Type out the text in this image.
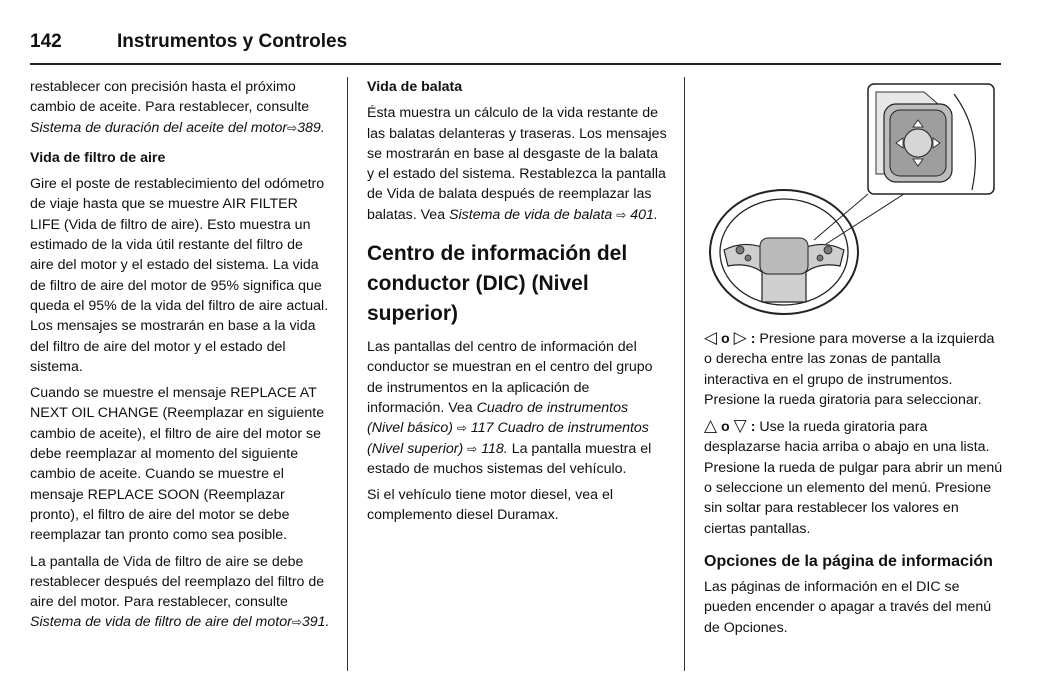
142	Instrumentos y Controles

restablecer con precisión hasta el próximo cambio de aceite. Para restablecer, consulte Sistema de duración del aceite del motor⇨389.

Vida de filtro de aire

Gire el poste de restablecimiento del odómetro de viaje hasta que se muestre AIR FILTER LIFE (Vida de filtro de aire). Esto muestra un estimado de la vida útil restante del filtro de aire del motor y el estado del sistema. La vida de filtro de aire del motor de 95% significa que queda el 95% de la vida del filtro de aire actual. Los mensajes se mostrarán en base a la vida del filtro de aire del motor y el estado del sistema.

Cuando se muestre el mensaje REPLACE AT NEXT OIL CHANGE (Reemplazar en siguiente cambio de aceite), el filtro de aire del motor se debe reemplazar al momento del siguiente cambio de aceite. Cuando se muestre el mensaje REPLACE SOON (Reemplazar pronto), el filtro de aire del motor se debe reemplazar tan pronto como sea posible.

La pantalla de Vida de filtro de aire se debe restablecer después del reemplazo del filtro de aire del motor. Para restablecer, consulte Sistema de vida de filtro de aire del motor⇨391.

Vida de balata

Ésta muestra un cálculo de la vida restante de las balatas delanteras y traseras. Los mensajes se mostrarán en base al desgaste de la balata y el estado del sistema. Restablezca la pantalla de Vida de balata después de reemplazar las balatas. Vea Sistema de vida de balata ⇨ 401.

Centro de información del conductor (DIC) (Nivel superior)

Las pantallas del centro de información del conductor se muestran en el centro del grupo de instrumentos en la aplicación de información. Vea Cuadro de instrumentos (Nivel básico) ⇨ 117 Cuadro de instrumentos (Nivel superior) ⇨ 118. La pantalla muestra el estado de muchos sistemas del vehículo.

Si el vehículo tiene motor diesel, vea el complemento diesel Duramax.

◁ o ▷ : Presione para moverse a la izquierda o derecha entre las zonas de pantalla interactiva en el grupo de instrumentos. Presione la rueda giratoria para seleccionar.

△ o ▽ : Use la rueda giratoria para desplazarse hacia arriba o abajo en una lista. Presione la rueda de pulgar para abrir un menú o seleccione un elemento del menú. Presione sin soltar para restablecer los valores en ciertas pantallas.

Opciones de la página de información

Las páginas de información en el DIC se pueden encender o apagar a través del menú de Opciones.
